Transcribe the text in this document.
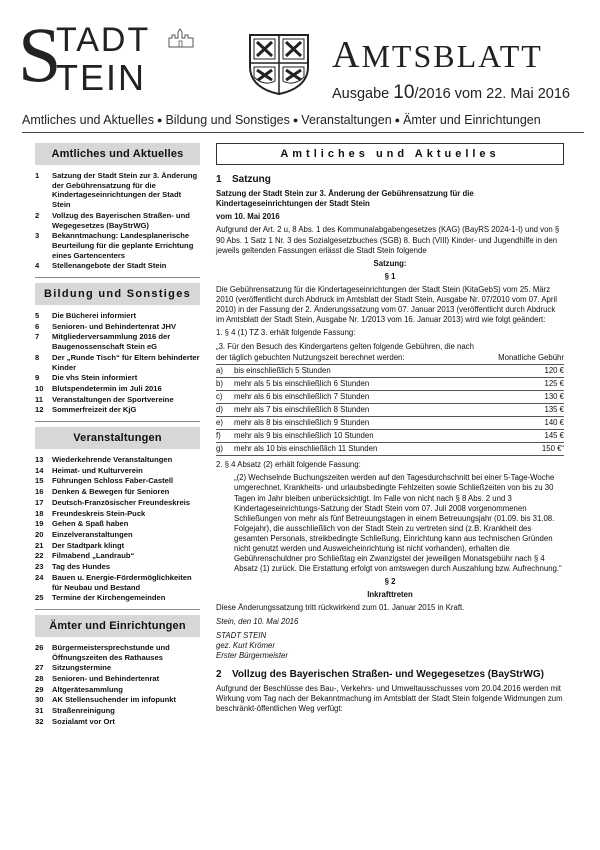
S
TADT
TEIN
AMTSBLATT
Ausgabe 10/2016 vom 22. Mai 2016
Amtliches und Aktuelles ● Bildung und Sonstiges ● Veranstaltungen ● Ämter und Einrichtungen
Amtliches und Aktuelles
1	Satzung der Stadt Stein zur 3. Änderung der Gebührensatzung für die Kindertageseinrichtungen der Stadt Stein
2	Vollzug des Bayerischen Straßen- und Wegegesetzes (BayStrWG)
3	Bekanntmachung: Landesplanerische Beurteilung für die geplante Errichtung eines Gartencenters
4	Stellenangebote der Stadt Stein
Bildung und Sonstiges
5	Die Bücherei informiert
6	Senioren- und Behindertenrat JHV
7	Mitgliederversammlung 2016 der Baugenossenschaft Stein eG
8	Der „Runde Tisch“ für Eltern behinderter Kinder
9	Die vhs Stein informiert
10	Blutspendetermin im Juli 2016
11	Veranstaltungen der Sportvereine
12	Sommerfreizeit der KjG
Veranstaltungen
13	Wiederkehrende Veranstaltungen
14	Heimat- und Kulturverein
15	Führungen Schloss Faber-Castell
16	Denken & Bewegen für Senioren
17	Deutsch-Französischer Freundeskreis
18	Freundeskreis Stein-Puck
19	Gehen & Spaß haben
20	Einzelveranstaltungen
21	Der Stadtpark klingt
22	Filmabend „Landraub“
23	Tag des Hundes
24	Bauen u. Energie-Fördermöglichkeiten für Neubau und Bestand
25	Termine der Kirchengemeinden
Ämter und Einrichtungen
26	Bürgermeistersprechstunde und Öffnungszeiten des Rathauses
27	Sitzungstermine
28	Senioren- und Behindertenrat
29	Altgerätesammlung
30	AK Stellensuchender im infopunkt
31	Straßenreinigung
32	Sozialamt vor Ort
Amtliches und Aktuelles
1 Satzung
Satzung der Stadt Stein zur 3. Änderung der Gebührensatzung für die Kindertageseinrichtungen der Stadt Stein
vom 10. Mai 2016
Aufgrund der Art. 2 u, 8 Abs. 1 des Kommunalabgabengesetzes (KAG) (BayRS 2024-1-I) und von § 90 Abs. 1 Satz 1 Nr. 3 des Sozialgesetzbuches (SGB) 8. Buch (VIII) Kinder- und Jugendhilfe in den jeweils geltenden Fassungen erlässt die Stadt Stein folgende
Satzung:
§ 1
Die Gebührensatzung für die Kindertageseinrichtungen der Stadt Stein (KitaGebS) vom 25. März 2010 (veröffentlicht durch Abdruck im Amtsblatt der Stadt Stein, Ausgabe Nr. 07/2010 vom 07. April 2010) in der Fassung der 2. Änderungssatzung vom 07. Januar 2013 (veröffentlicht durch Abdruck im Amtsblatt der Stadt Stein, Ausgabe Nr. 1/2013 vom 16. Januar 2013) wird wie folgt geändert:
1. § 4 (1) TZ 3. erhält folgende Fassung:
„3. Für den Besuch des Kindergartens gelten folgende Gebühren, die nach der täglich gebuchten Nutzungszeit berechnet werden:		Monatliche Gebühr
a)	bis einschließlich 5 Stunden	120 €
b)	mehr als 5 bis einschließlich 6 Stunden	125 €
c)	mehr als 6 bis einschließlich 7 Stunden	130 €
d)	mehr als 7 bis einschließlich 8 Stunden	135 €
e)	mehr als 8 bis einschließlich 9 Stunden	140 €
f)	mehr als 9 bis einschließlich 10 Stunden	145 €
g)	mehr als 10 bis einschließlich 11 Stunden	150 €“
2. § 4 Absatz (2) erhält folgende Fassung:
„(2) Wechselnde Buchungszeiten werden auf den Tagesdurchschnitt bei einer 5-Tage-Woche umgerechnet. Krankheits- und urlaubsbedingte Fehlzeiten sowie Schließzeiten von bis zu 30 Tagen im Jahr bleiben unberücksichtigt. Im Falle von nicht nach § 8 Abs. 2 und 3 Kindertageseinrichtungs-Satzung der Stadt Stein vom 07. Juli 2008 vorgenommenen Schließungen von mehr als fünf Betreuungstagen in einem Betreuungsjahr (01.09. bis 31.08. Folgejahr), die ausschließlich von der Stadt Stein zu vertreten sind (z.B. Krankheit des gesamten Personals, streikbedingte Schließung, Einrichtung kann aus technischen Gründen nicht genutzt werden und Ausweicheinrichtung ist nicht vorhanden), erhalten die Gebührenschuldner pro Schließtag ein Zwanzigstel der jeweiligen Monatsgebühr nach § 4 Absatz (1) zurück. Die Erstattung erfolgt von amtswegen durch Auszahlung bzw. Aufrechnung.“
§ 2
Inkrafttreten
Diese Änderungssatzung tritt rückwirkend zum 01. Januar 2015 in Kraft.
Stein, den 10. Mai 2016
STADT STEIN
gez. Kurt Krömer
Erster Bürgermeister
2 Vollzug des Bayerischen Straßen- und Wegegesetzes (BayStrWG)
Aufgrund der Beschlüsse des Bau-, Verkehrs- und Umweltausschusses vom 20.04.2016 werden mit Wirkung vom Tag nach der Bekanntmachung im Amtsblatt der Stadt Stein folgende Widmungen zum beschränkt-öffentlichen Weg verfügt:
